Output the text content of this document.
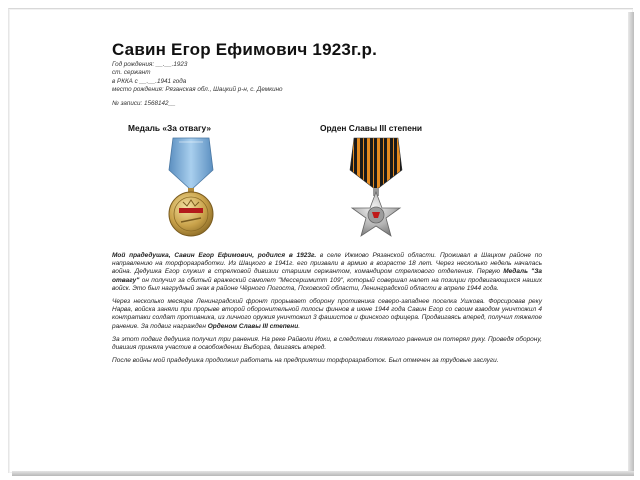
Савин Егор Ефимович 1923г.р.
Год рождения: __.__.1923
ст. сержант
в РККА с __.__.1941 года
место рождения: Рязанская обл., Шацкий р-н, с. Демкино
№ записи: 1568142__
Медаль «За отвагу»	Орден Славы III степени

Мой прадедушка, Савин Егор Ефимович, родился в 1923г. в селе Ижмово Рязанской области. Проживал в Шацком районе по направлению на торфоразработки. Из Шацкого в 1941г. его призвали в армию в возрасте 18 лет. Через несколько недель началась война. Дедушка Егор служил в стрелковой дивизии старшим сержантом, командиром стрелкового отделения. Первую Медаль "За отвагу" он получил за сбитый вражеский самолет "Мессершмитт 109", который совершал налет на позиции продвигающихся наших войск. Это был нагрудный знак в районе Чёрного Погоста, Псковской области, Ленинградской области в апреле 1944 года.

Через несколько месяцев Ленинградский фронт прорывает оборону противника северо-западнее поселка Ушкова. Форсировав реку Нарва, войска заняли при прорыве второй оборонительной полосы финнов в июне 1944 года Савин Егор со своим взводом уничтожил 4 контратаки солдат противника, из личного оружия уничтожил 3 фашистов и финского офицера. Продвигаясь вперед, получил тяжелое ранение. За подвиг награжден Орденом Славы III степени.

За этот подвиг дедушка получил три ранения. На реке Райволи Иоки, в следствии тяжелого ранения он потерял руку. Проведя оборону, дивизия приняла участие в освобождении Выборга, двигаясь вперед.

После войны мой прадедушка продолжил работать на предприятии торфоразработок. Был отмечен за трудовые заслуги.
